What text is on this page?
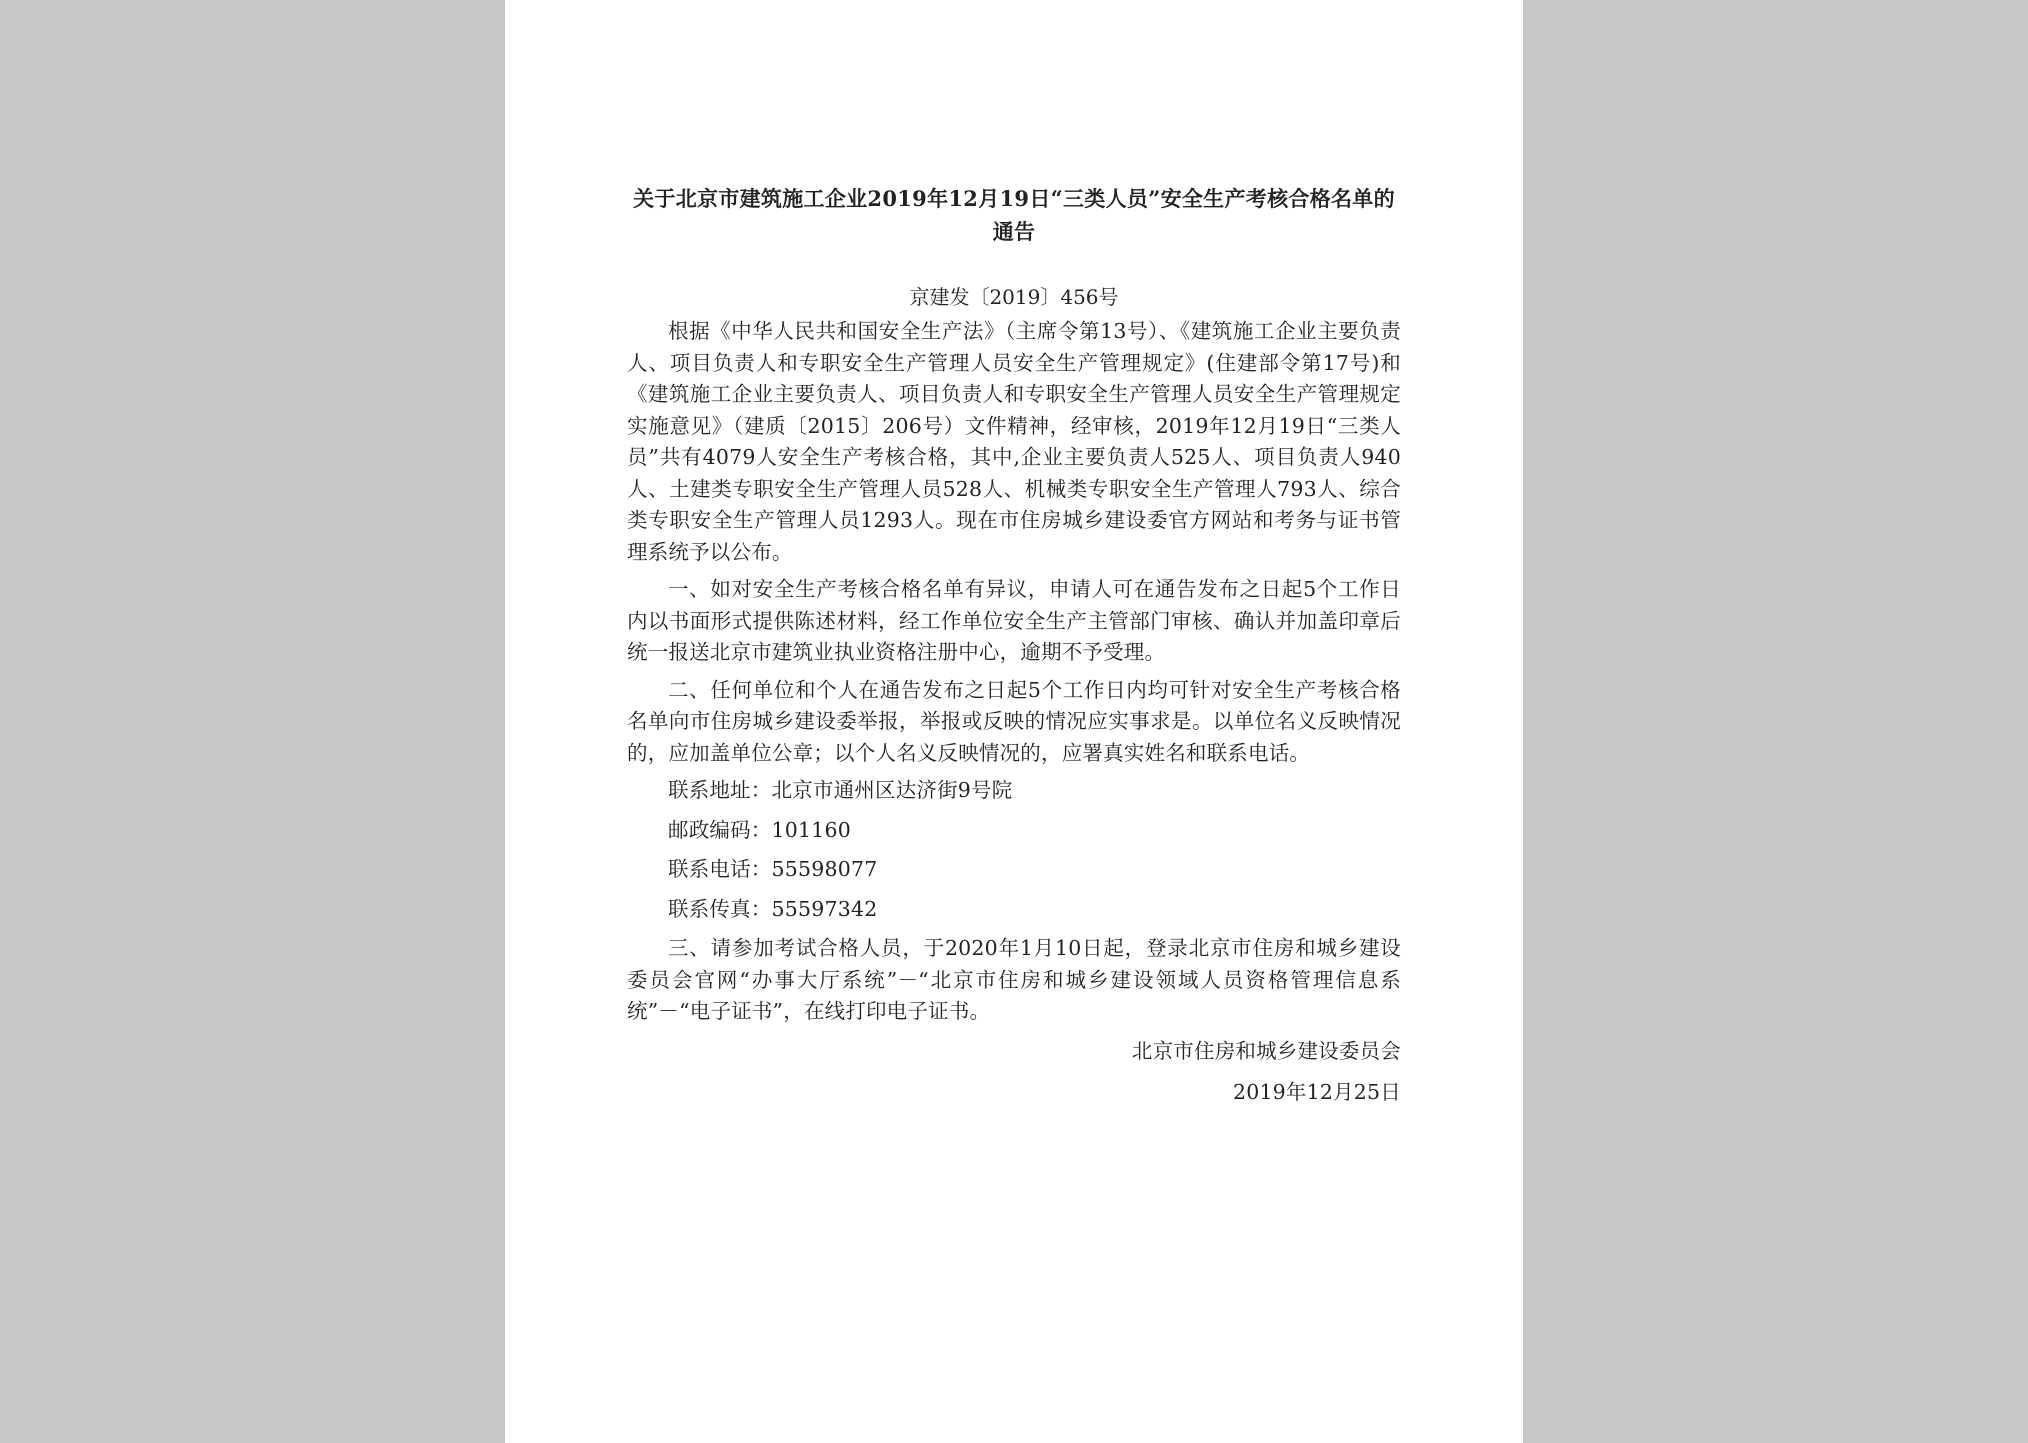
关于北京市建筑施工企业2019年12月19日“三类人员”安全生产考核合格名单的通告
京建发〔2019〕456号

根据《中华人民共和国安全生产法》（主席令第13号）、《建筑施工企业主要负责人、项目负责人和专职安全生产管理人员安全生产管理规定》(住建部令第17号)和《建筑施工企业主要负责人、项目负责人和专职安全生产管理人员安全生产管理规定实施意见》（建质〔2015〕206号）文件精神，经审核，2019年12月19日“三类人员”共有4079人安全生产考核合格，其中,企业主要负责人525人、项目负责人940人、土建类专职安全生产管理人员528人、机械类专职安全生产管理人793人、综合类专职安全生产管理人员1293人。现在市住房城乡建设委官方网站和考务与证书管理系统予以公布。

一、如对安全生产考核合格名单有异议，申请人可在通告发布之日起5个工作日内以书面形式提供陈述材料，经工作单位安全生产主管部门审核、确认并加盖印章后统一报送北京市建筑业执业资格注册中心，逾期不予受理。

二、任何单位和个人在通告发布之日起5个工作日内均可针对安全生产考核合格名单向市住房城乡建设委举报，举报或反映的情况应实事求是。以单位名义反映情况的，应加盖单位公章；以个人名义反映情况的，应署真实姓名和联系电话。

联系地址：北京市通州区达济街9号院
邮政编码：101160
联系电话：55598077
联系传真：55597342

三、请参加考试合格人员，于2020年1月10日起，登录北京市住房和城乡建设委员会官网“办事大厅系统”－“北京市住房和城乡建设领域人员资格管理信息系统”－“电子证书”，在线打印电子证书。

北京市住房和城乡建设委员会
2019年12月25日
